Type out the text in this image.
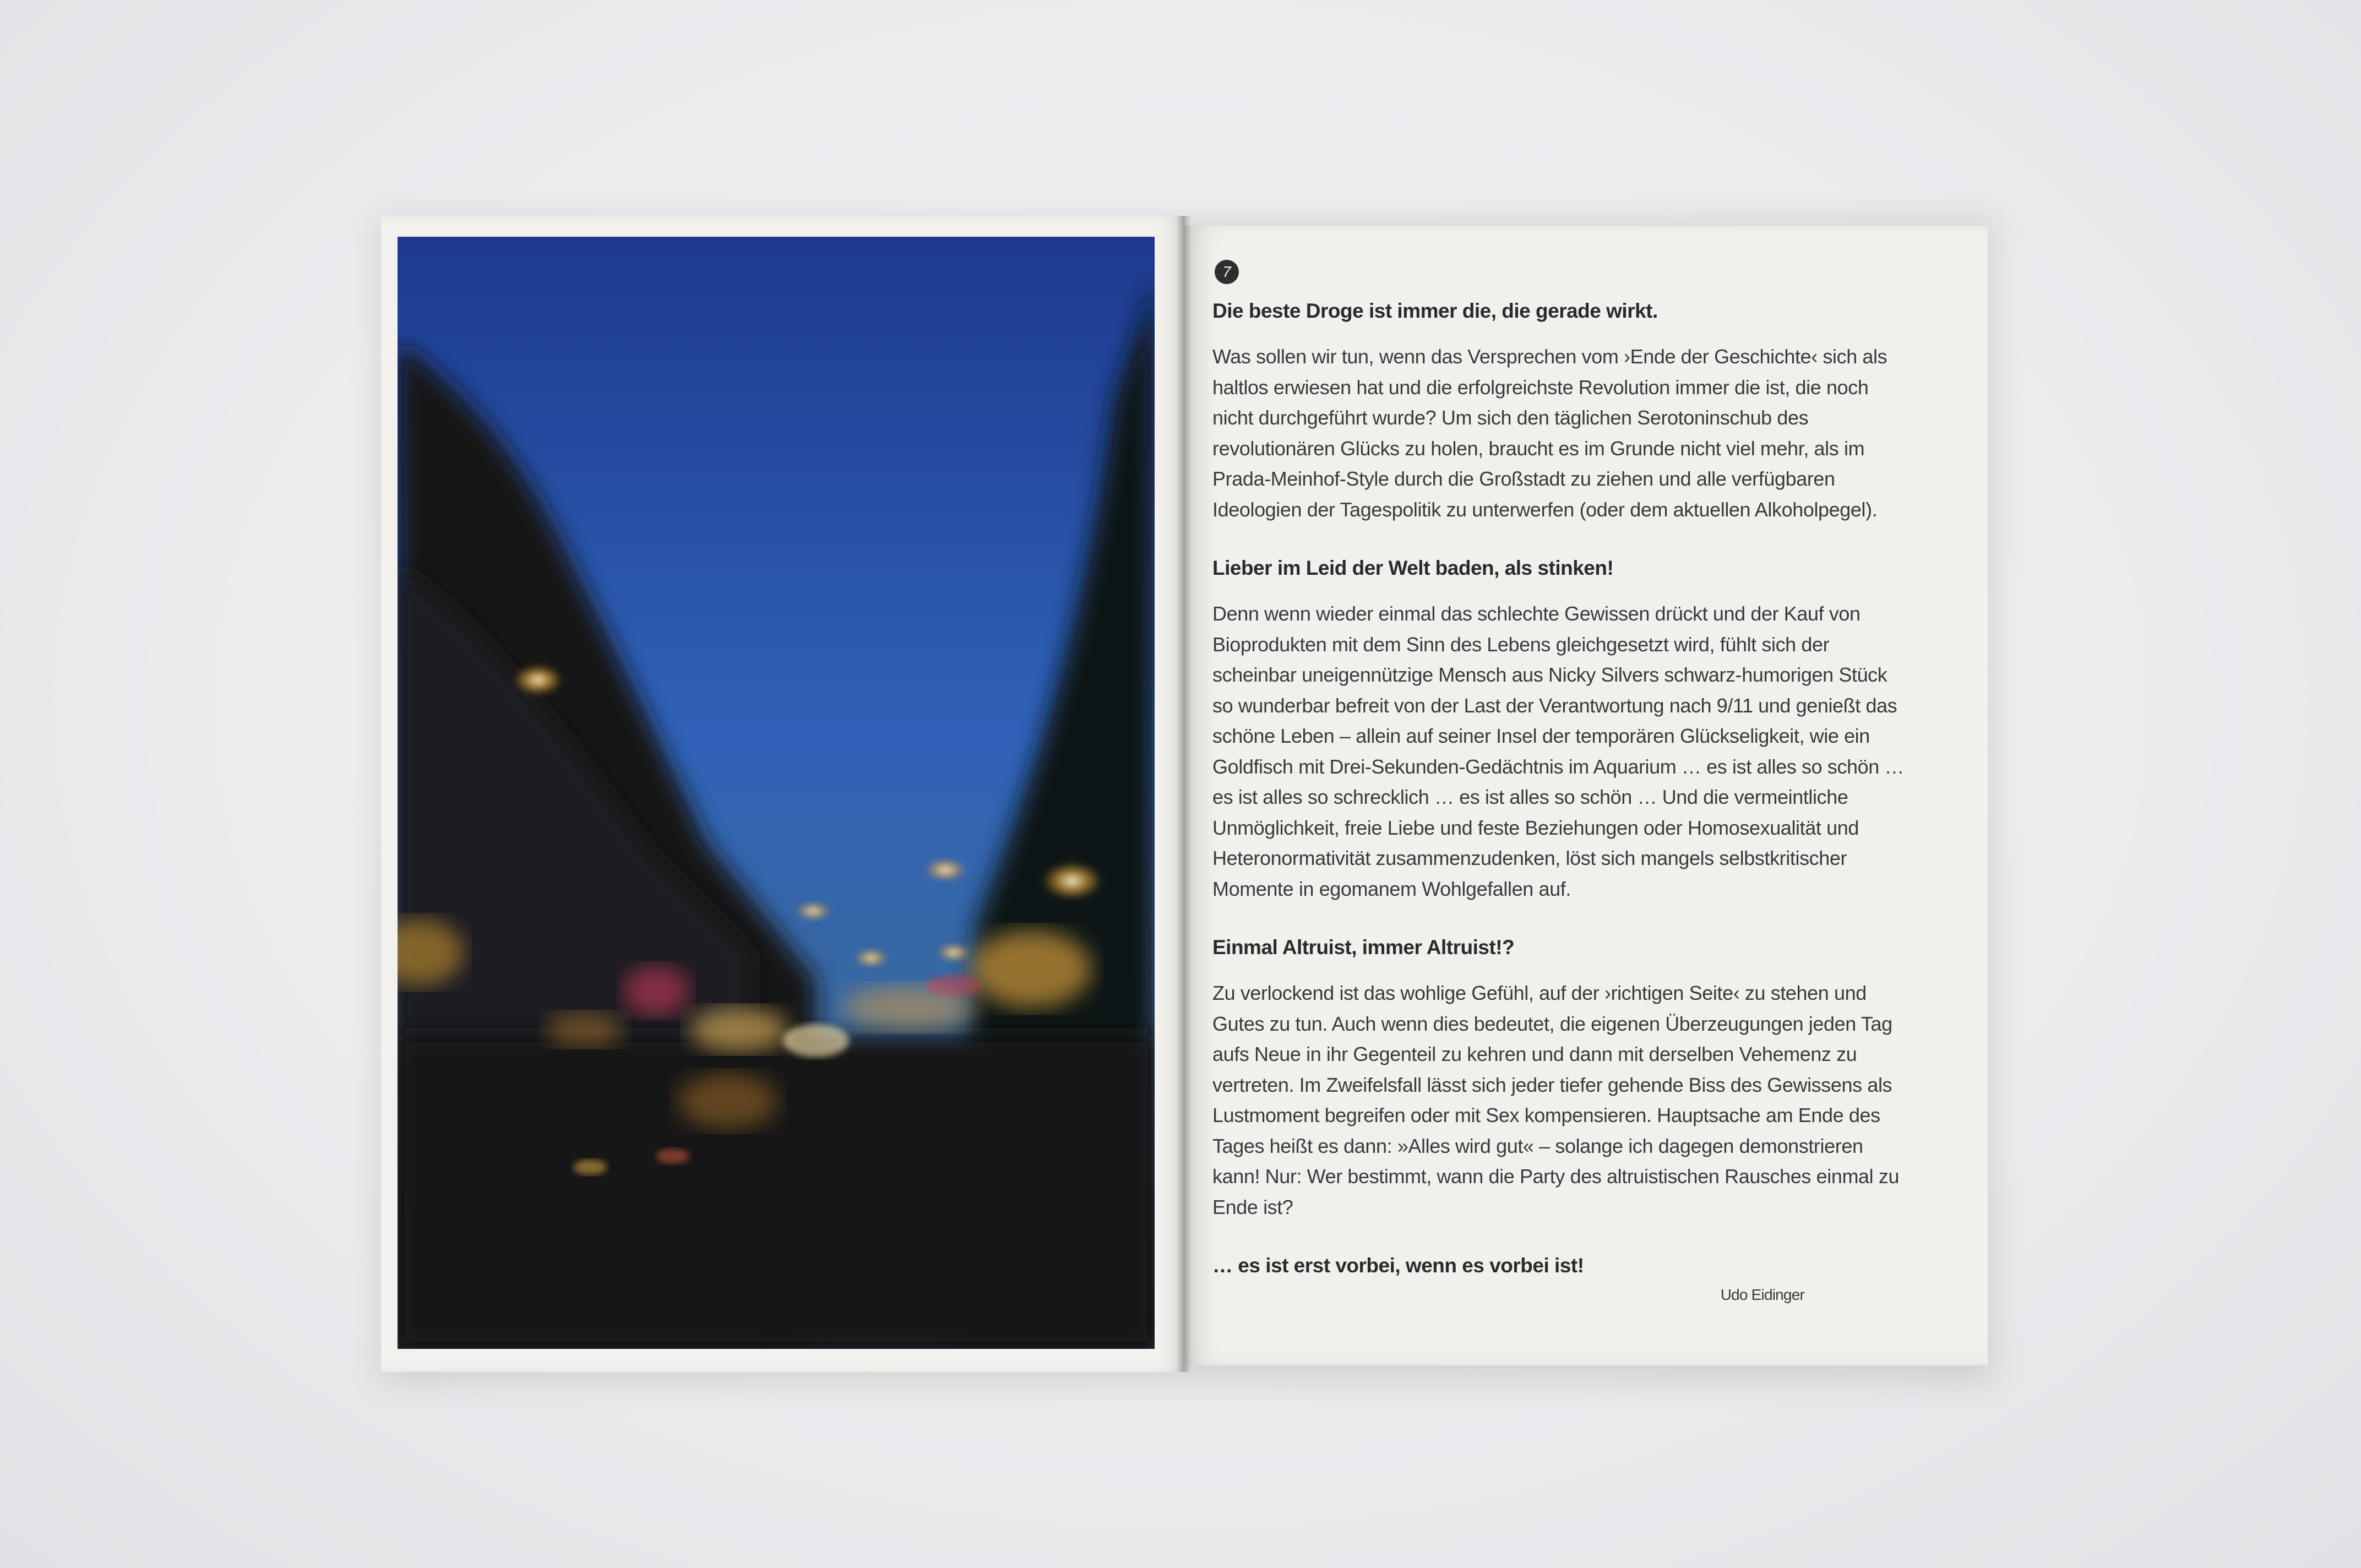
7
Die beste Droge ist immer die, die gerade wirkt.
Was sollen wir tun, wenn das Versprechen vom ›Ende der Geschichte‹ sich als haltlos erwiesen hat und die erfolgreichste Revolution immer die ist, die noch nicht durchgeführt wurde? Um sich den täglichen Serotoninschub des revolutionären Glücks zu holen, braucht es im Grunde nicht viel mehr, als im Prada-Meinhof-Style durch die Großstadt zu ziehen und alle verfügbaren Ideologien der Tagespolitik zu unterwerfen (oder dem aktuellen Alkoholpegel).
Lieber im Leid der Welt baden, als stinken!
Denn wenn wieder einmal das schlechte Gewissen drückt und der Kauf von Bioprodukten mit dem Sinn des Lebens gleichgesetzt wird, fühlt sich der scheinbar uneigennützige Mensch aus Nicky Silvers schwarz-humorigen Stück so wunderbar befreit von der Last der Verantwortung nach 9/11 und genießt das schöne Leben – allein auf seiner Insel der temporären Glückseligkeit, wie ein Goldfisch mit Drei-Sekunden-Gedächtnis im Aquarium … es ist alles so schön … es ist alles so schrecklich … es ist alles so schön … Und die vermeintliche Unmöglichkeit, freie Liebe und feste Beziehungen oder Homosexualität und Heteronormativität zusammenzudenken, löst sich mangels selbstkritischer Momente in egomanem Wohlgefallen auf.
Einmal Altruist, immer Altruist!?
Zu verlockend ist das wohlige Gefühl, auf der ›richtigen Seite‹ zu stehen und Gutes zu tun. Auch wenn dies bedeutet, die eigenen Überzeugungen jeden Tag aufs Neue in ihr Gegenteil zu kehren und dann mit derselben Vehemenz zu vertreten. Im Zweifelsfall lässt sich jeder tiefer gehende Biss des Gewissens als Lustmoment begreifen oder mit Sex kompensieren. Hauptsache am Ende des Tages heißt es dann: »Alles wird gut« – solange ich dagegen demonstrieren kann! Nur: Wer bestimmt, wann die Party des altruistischen Rausches einmal zu Ende ist?
… es ist erst vorbei, wenn es vorbei ist!
Udo Eidinger
